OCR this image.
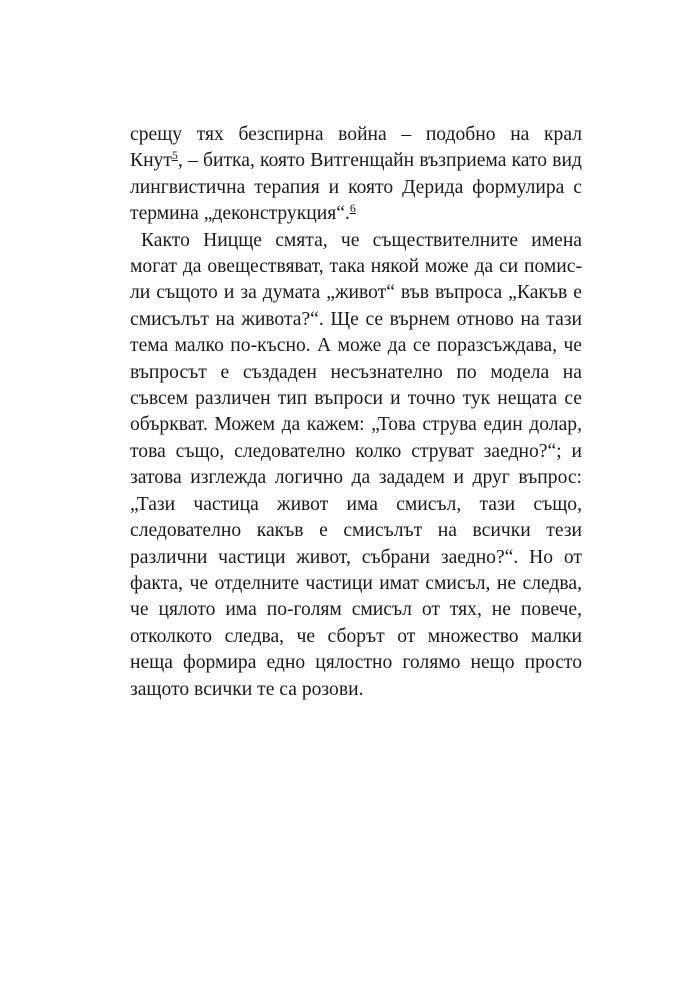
срещу тях безспирна война – подобно на крал
Кнут$^5$, – битка, която Витгенщайн възприема като вид
лингвистична терапия и която Дерида формулира с
термина „деконструкция“.$^6$
Както Ницще смята, че съществителните имена
могат да овеществяват, така някой може да си помис-
ли същото и за думата „живот“ във въпроса „Какъв е
смисълът на живота?“. Ще се върнем отново на тази
тема малко по-късно. А може да се поразсъждава, че
въпросът е създаден несъзнателно по модела на
съвсем различен тип въпроси и точно тук нещата се
объркват. Можем да кажем: „Това струва един долар,
това също, следователно колко струват заедно?“; и
затова изглежда логично да зададем и друг въпрос:
„Тази частица живот има смисъл, тази също,
следователно какъв е смисълът на всички тези
различни частици живот, събрани заедно?“. Но от
факта, че отделните частици имат смисъл, не следва,
че цялото има по-голям смисъл от тях, не повече,
отколкото следва, че сборът от множество малки
неща формира едно цялостно голямо нещо просто
защото всички те са розови.
